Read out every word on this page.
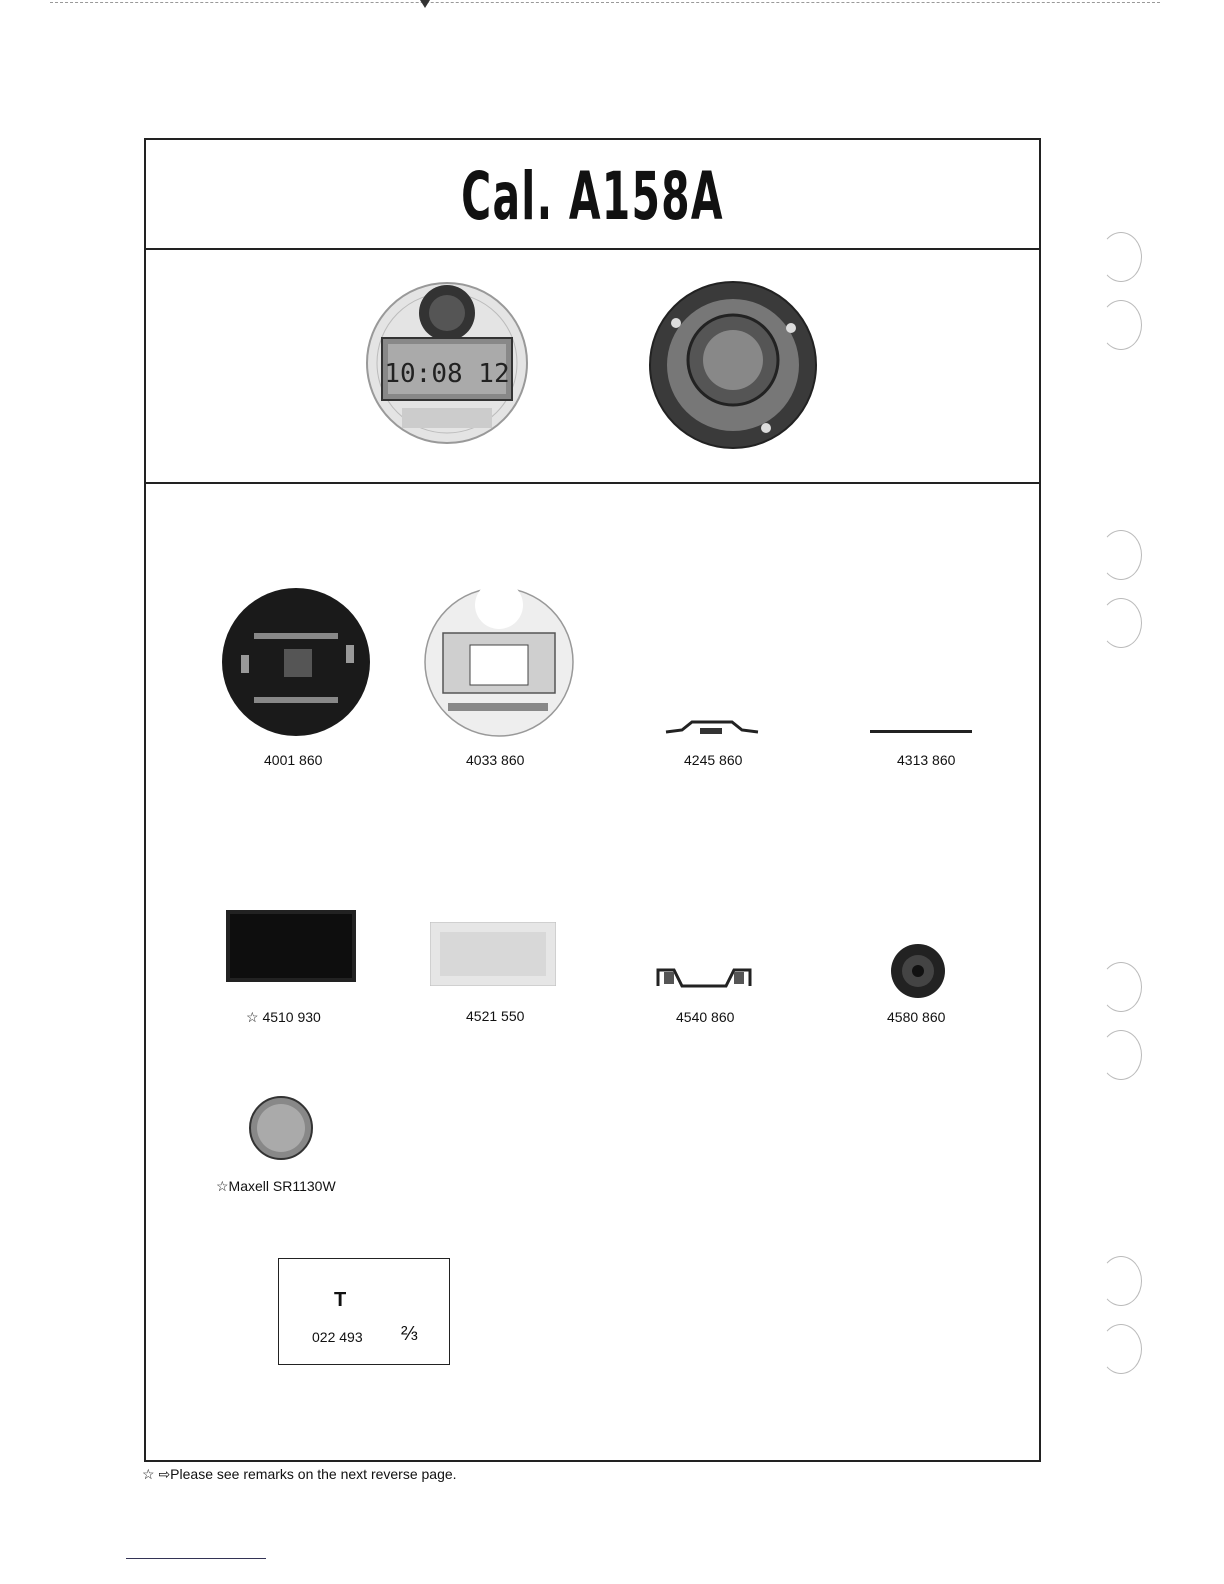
Cal. A158A
10:08 12
4001 860	4033 860	4245 860	4313 860
☆ 4510 930	4521 550	4540 860	4580 860
☆Maxell SR1130W
T
022 493 ⅔
☆ ⇨Please see remarks on the next reverse page.
